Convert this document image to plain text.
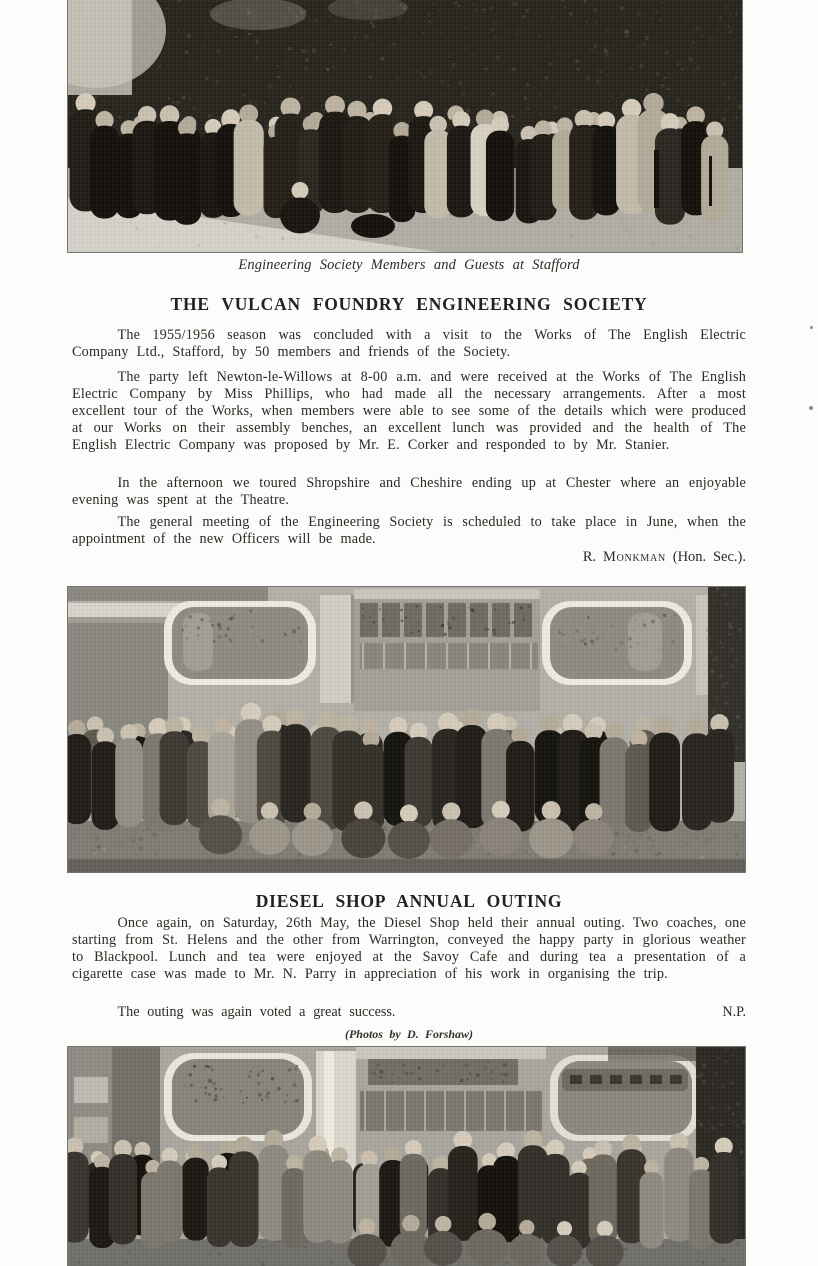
Engineering Society Members and Guests at Stafford
THE VULCAN FOUNDRY ENGINEERING SOCIETY
The 1955/1956 season was concluded with a visit to the Works of The English Electric Company Ltd., Stafford, by 50 members and friends of the Society.
The party left Newton-le-Willows at 8-00 a.m. and were received at the Works of The English Electric Company by Miss Phillips, who had made all the necessary arrangements. After a most excellent tour of the Works, when members were able to see some of the details which were produced at our Works on their assembly benches, an excellent lunch was provided and the health of The English Electric Company was proposed by Mr. E. Corker and responded to by Mr. Stanier.
In the afternoon we toured Shropshire and Cheshire ending up at Chester where an enjoyable evening was spent at the Theatre.
The general meeting of the Engineering Society is scheduled to take place in June, when the appointment of the new Officers will be made.
R. Monkman (Hon. Sec.).
DIESEL SHOP ANNUAL OUTING
Once again, on Saturday, 26th May, the Diesel Shop held their annual outing. Two coaches, one starting from St. Helens and the other from Warrington, conveyed the happy party in glorious weather to Blackpool. Lunch and tea were enjoyed at the Savoy Cafe and during tea a presentation of a cigarette case was made to Mr. N. Parry in appreciation of his work in organising the trip.
The outing was again voted a great success.	N.P.
(Photos by D. Forshaw)
